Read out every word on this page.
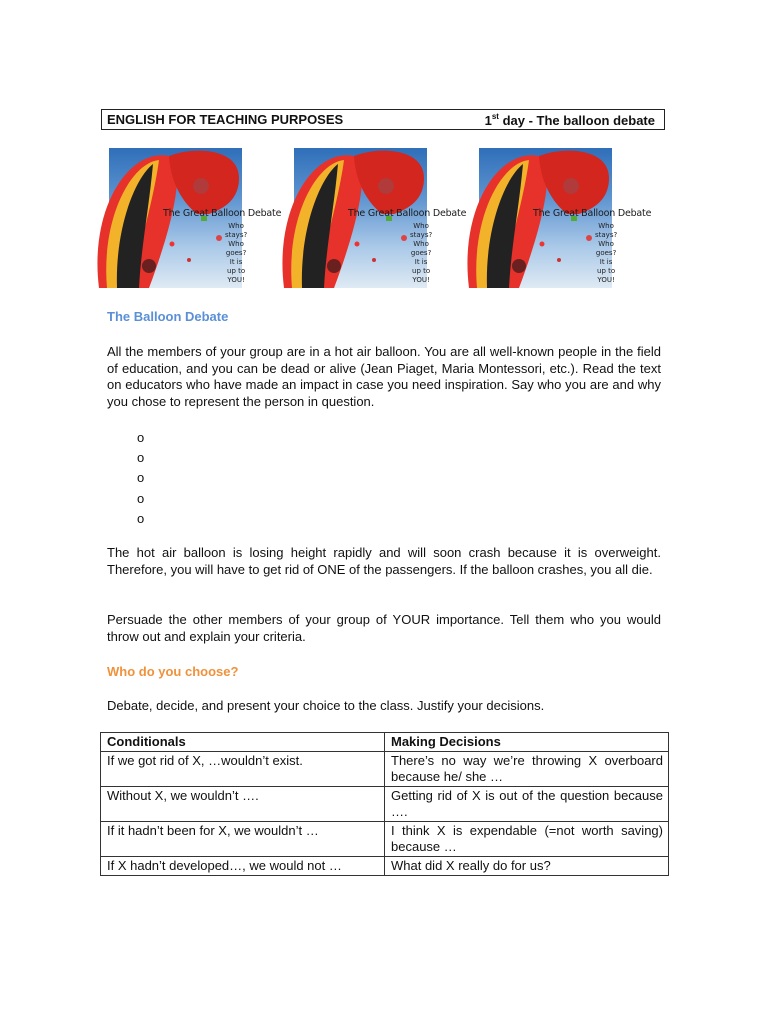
ENGLISH FOR TEACHING PURPOSES	1st day - The balloon debate
The Great Balloon Debate
Who stays?
Who goes?
It is up to
YOU!
The Great Balloon Debate
Who stays?
Who goes?
It is up to
YOU!
The Great Balloon Debate
Who stays?
Who goes?
It is up to
YOU!
The Balloon Debate
All the members of your group are in a hot air balloon. You are all well-known people in the field of education, and you can be dead or alive (Jean Piaget, Maria Montessori, etc.). Read the text on educators who have made an impact in case you need inspiration. Say who you are and why you chose to represent the person in question.
o
o
o
o
o
The hot air balloon is losing height rapidly and will soon crash because it is overweight. Therefore, you will have to get rid of ONE of the passengers. If the balloon crashes, you all die.
Persuade the other members of your group of YOUR importance. Tell them who you would throw out and explain your criteria.
Who do you choose?
Debate, decide, and present your choice to the class. Justify your decisions.
Conditionals	Making Decisions
If we got rid of X, …wouldn’t exist.	There’s no way we’re throwing X overboard because he/ she …
Without X, we wouldn’t ….	Getting rid of X is out of the question because ….
If it hadn’t been for X, we wouldn’t …	I think X is expendable (=not worth saving) because …
If X hadn’t developed…, we would not …	What did X really do for us?
